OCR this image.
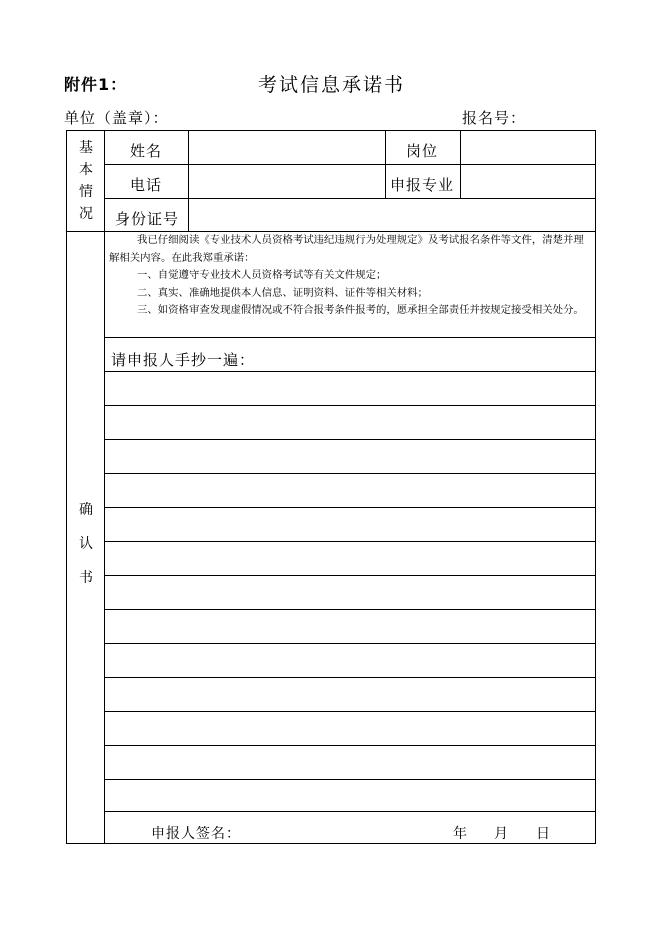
附件1：	考试信息承诺书
单位（盖章）：	报名号：
基
本
情
况
姓名	岗位
电话	申报专业
身份证号

我已仔细阅读《专业技术人员资格考试违纪违规行为处理规定》及考试报名条件等文件，清楚并理解相关内容。在此我郑重承诺：

一、自觉遵守专业技术人员资格考试等有关文件规定；

二、真实、准确地提供本人信息、证明资料、证件等相关材料；

三、如资格审查发现虚假情况或不符合报考条件报考的，愿承担全部责任并按规定接受相关处分。

请申报人手抄一遍：
确
认
书
申报人签名：	年 月 日
